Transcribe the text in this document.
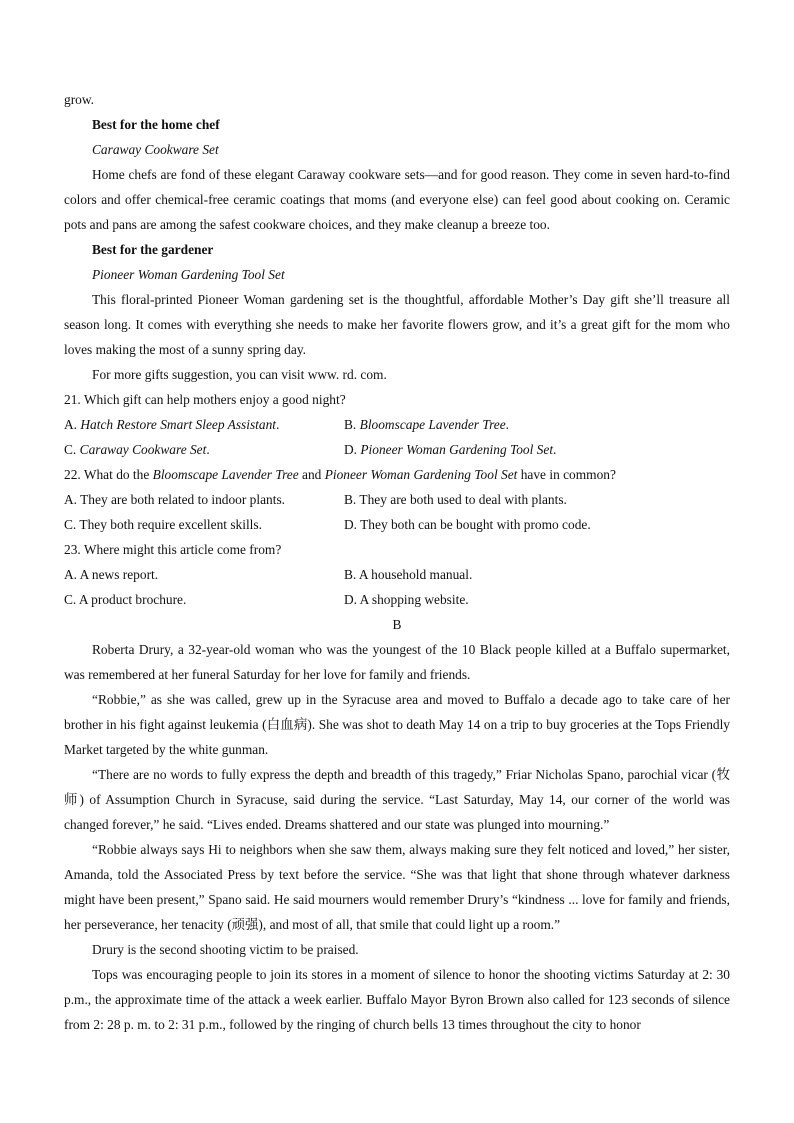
grow.

Best for the home chef

Caraway Cookware Set

Home chefs are fond of these elegant Caraway cookware sets—and for good reason. They come in seven hard-to-find colors and offer chemical-free ceramic coatings that moms (and everyone else) can feel good about cooking on. Ceramic pots and pans are among the safest cookware choices, and they make cleanup a breeze too.

Best for the gardener

Pioneer Woman Gardening Tool Set

This floral-printed Pioneer Woman gardening set is the thoughtful, affordable Mother’s Day gift she’ll treasure all season long. It comes with everything she needs to make her favorite flowers grow, and it’s a great gift for the mom who loves making the most of a sunny spring day.

For more gifts suggestion, you can visit www. rd. com.

21. Which gift can help mothers enjoy a good night?

A. Hatch Restore Smart Sleep Assistant.	B. Bloomscape Lavender Tree.
C. Caraway Cookware Set.	D. Pioneer Woman Gardening Tool Set.

22. What do the Bloomscape Lavender Tree and Pioneer Woman Gardening Tool Set have in common?

A. They are both related to indoor plants.	B. They are both used to deal with plants.
C. They both require excellent skills.	D. They both can be bought with promo code.

23. Where might this article come from?

A. A news report.	B. A household manual.
C. A product brochure.	D. A shopping website.

B

Roberta Drury, a 32-year-old woman who was the youngest of the 10 Black people killed at a Buffalo supermarket, was remembered at her funeral Saturday for her love for family and friends.

“Robbie,” as she was called, grew up in the Syracuse area and moved to Buffalo a decade ago to take care of her brother in his fight against leukemia (白血病). She was shot to death May 14 on a trip to buy groceries at the Tops Friendly Market targeted by the white gunman.

“There are no words to fully express the depth and breadth of this tragedy,” Friar Nicholas Spano, parochial vicar (牧师) of Assumption Church in Syracuse, said during the service. “Last Saturday, May 14, our corner of the world was changed forever,” he said. “Lives ended. Dreams shattered and our state was plunged into mourning.”

“Robbie always says Hi to neighbors when she saw them, always making sure they felt noticed and loved,” her sister, Amanda, told the Associated Press by text before the service. “She was that light that shone through whatever darkness might have been present,” Spano said. He said mourners would remember Drury’s “kindness ... love for family and friends, her perseverance, her tenacity (顽强), and most of all, that smile that could light up a room.”

Drury is the second shooting victim to be praised.

Tops was encouraging people to join its stores in a moment of silence to honor the shooting victims Saturday at 2: 30 p.m., the approximate time of the attack a week earlier. Buffalo Mayor Byron Brown also called for 123 seconds of silence from 2: 28 p. m. to 2: 31 p.m., followed by the ringing of church bells 13 times throughout the city to honor
